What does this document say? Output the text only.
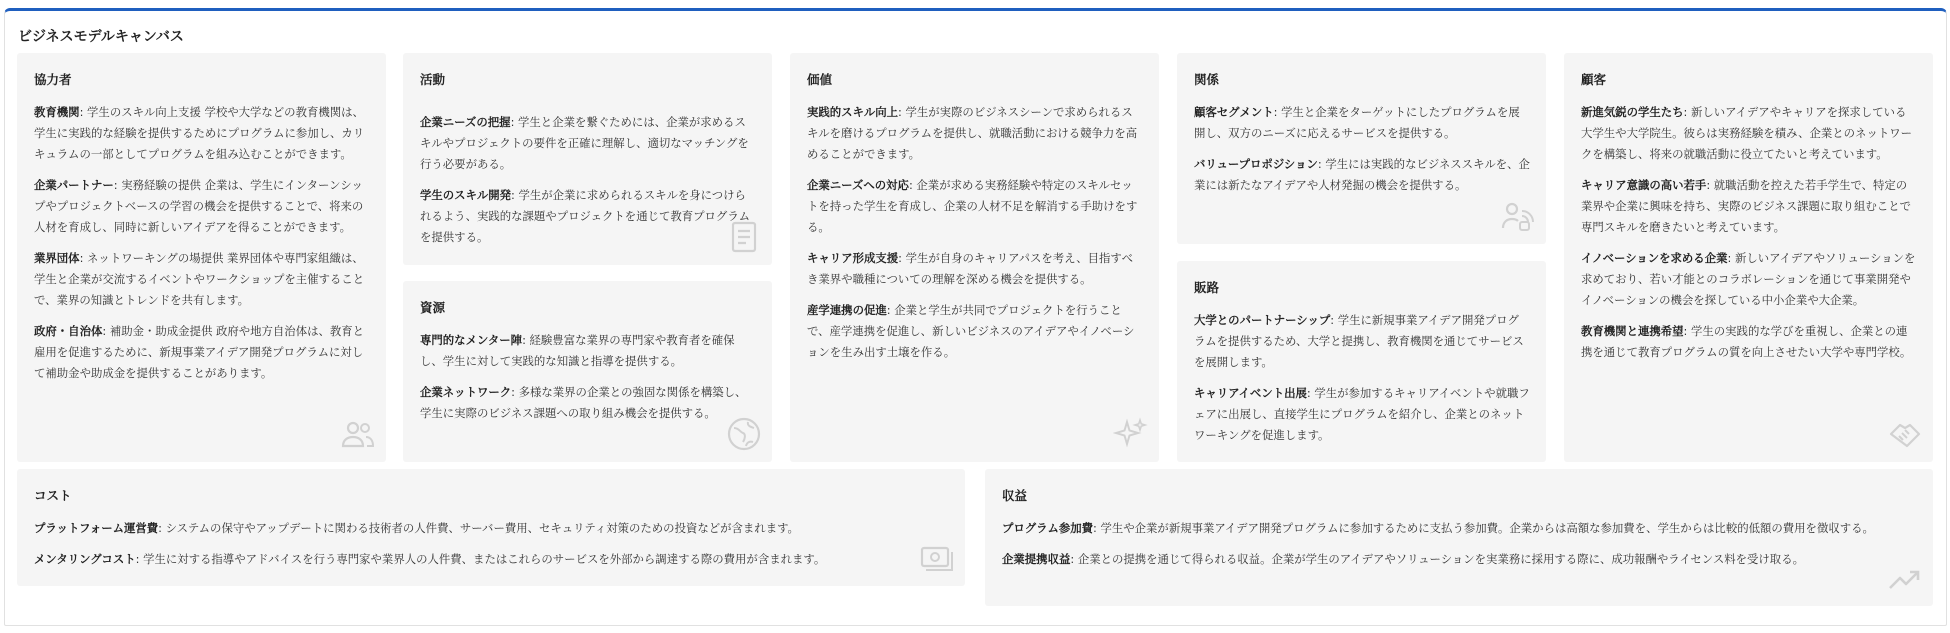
ビジネスモデルキャンバス
協力者

教育機関: 学生のスキル向上支援 学校や大学などの教育機関は、学生に実践的な経験を提供するためにプログラムに参加し、カリキュラムの一部としてプログラムを組み込むことができます。

企業パートナー: 実務経験の提供 企業は、学生にインターンシップやプロジェクトベースの学習の機会を提供することで、将来の人材を育成し、同時に新しいアイデアを得ることができます。

業界団体: ネットワーキングの場提供 業界団体や専門家組織は、学生と企業が交流するイベントやワークショップを主催することで、業界の知識とトレンドを共有します。

政府・自治体: 補助金・助成金提供 政府や地方自治体は、教育と雇用を促進するために、新規事業アイデア開発プログラムに対して補助金や助成金を提供することがあります。

活動

企業ニーズの把握: 学生と企業を繋ぐためには、企業が求めるスキルやプロジェクトの要件を正確に理解し、適切なマッチングを行う必要がある。

学生のスキル開発: 学生が企業に求められるスキルを身につけられるよう、実践的な課題やプロジェクトを通じて教育プログラムを提供する。

資源

専門的なメンター陣: 経験豊富な業界の専門家や教育者を確保し、学生に対して実践的な知識と指導を提供する。

企業ネットワーク: 多様な業界の企業との強固な関係を構築し、学生に実際のビジネス課題への取り組み機会を提供する。

価値

実践的スキル向上: 学生が実際のビジネスシーンで求められるスキルを磨けるプログラムを提供し、就職活動における競争力を高めることができます。

企業ニーズへの対応: 企業が求める実務経験や特定のスキルセットを持った学生を育成し、企業の人材不足を解消する手助けをする。

キャリア形成支援: 学生が自身のキャリアパスを考え、目指すべき業界や職種についての理解を深める機会を提供する。

産学連携の促進: 企業と学生が共同でプロジェクトを行うことで、産学連携を促進し、新しいビジネスのアイデアやイノベーションを生み出す土壌を作る。

関係

顧客セグメント: 学生と企業をターゲットにしたプログラムを展開し、双方のニーズに応えるサービスを提供する。

バリュープロポジション: 学生には実践的なビジネススキルを、企業には新たなアイデアや人材発掘の機会を提供する。

販路

大学とのパートナーシップ: 学生に新規事業アイデア開発プログラムを提供するため、大学と提携し、教育機関を通じてサービスを展開します。

キャリアイベント出展: 学生が参加するキャリアイベントや就職フェアに出展し、直接学生にプログラムを紹介し、企業とのネットワーキングを促進します。

顧客

新進気鋭の学生たち: 新しいアイデアやキャリアを探求している大学生や大学院生。彼らは実務経験を積み、企業とのネットワークを構築し、将来の就職活動に役立てたいと考えています。

キャリア意識の高い若手: 就職活動を控えた若手学生で、特定の業界や企業に興味を持ち、実際のビジネス課題に取り組むことで専門スキルを磨きたいと考えています。

イノベーションを求める企業: 新しいアイデアやソリューションを求めており、若い才能とのコラボレーションを通じて事業開発やイノベーションの機会を探している中小企業や大企業。

教育機関と連携希望: 学生の実践的な学びを重視し、企業との連携を通じて教育プログラムの質を向上させたい大学や専門学校。

コスト

プラットフォーム運営費: システムの保守やアップデートに関わる技術者の人件費、サーバー費用、セキュリティ対策のための投資などが含まれます。

メンタリングコスト: 学生に対する指導やアドバイスを行う専門家や業界人の人件費、またはこれらのサービスを外部から調達する際の費用が含まれます。

収益

プログラム参加費: 学生や企業が新規事業アイデア開発プログラムに参加するために支払う参加費。企業からは高額な参加費を、学生からは比較的低額の費用を徴収する。

企業提携収益: 企業との提携を通じて得られる収益。企業が学生のアイデアやソリューションを実業務に採用する際に、成功報酬やライセンス料を受け取る。
